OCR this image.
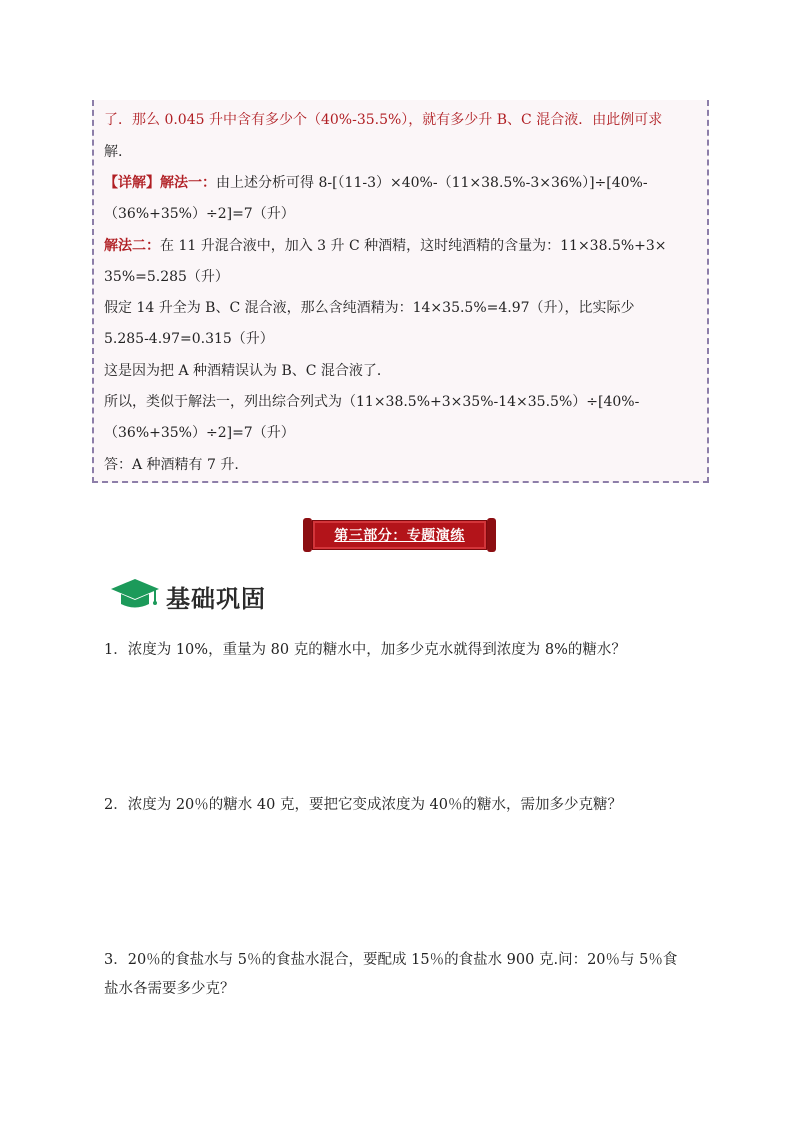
了．那么 0.045 升中含有多少个（40%-35.5%），就有多少升 B、C 混合液．由此例可求
解.
【详解】解法一：由上述分析可得 8-[（11-3）×40%-（11×38.5%-3×36%）]÷[40%-
（36%+35%）÷2]=7（升）
解法二：在 11 升混合液中，加入 3 升 C 种酒精，这时纯酒精的含量为：11×38.5%+3×
35%=5.285（升）
假定 14 升全为 B、C 混合液，那么含纯酒精为：14×35.5%=4.97（升），比实际少
5.285-4.97=0.315（升）
这是因为把 A 种酒精误认为 B、C 混合液了．
所以，类似于解法一，列出综合列式为（11×38.5%+3×35%-14×35.5%）÷[40%-
（36%+35%）÷2]=7（升）
答：A 种酒精有 7 升.
第三部分：专题演练
基础巩固
1．浓度为 10%，重量为 80 克的糖水中，加多少克水就得到浓度为 8%的糖水？
2．浓度为 20％的糖水 40 克，要把它变成浓度为 40％的糖水，需加多少克糖？
3．20％的食盐水与 5％的食盐水混合，要配成 15％的食盐水 900 克.问：20％与 5％食
盐水各需要多少克？
